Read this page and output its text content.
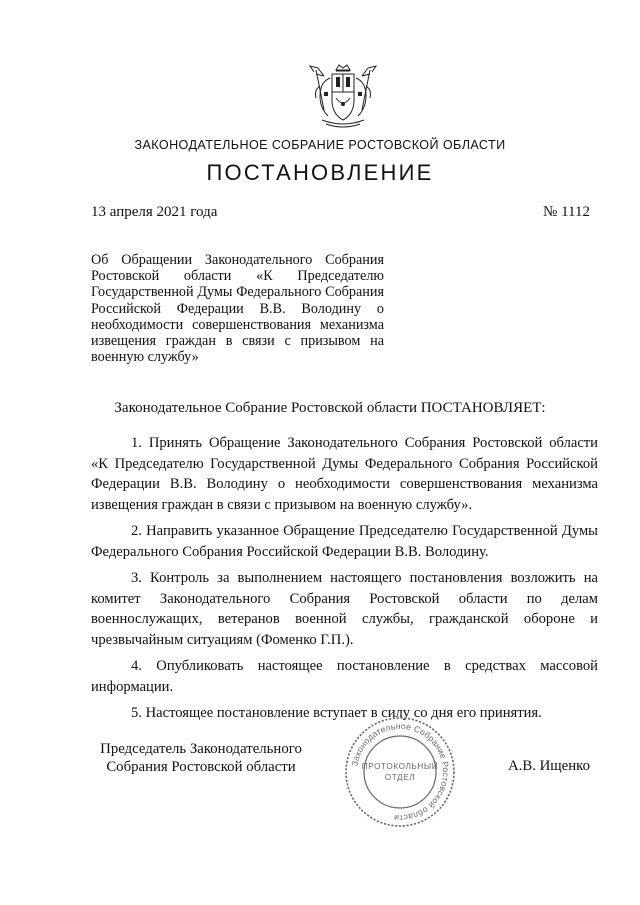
ЗАКОНОДАТЕЛЬНОЕ СОБРАНИЕ РОСТОВСКОЙ ОБЛАСТИ
ПОСТАНОВЛЕНИЕ
13 апреля 2021 года	№ 1112
Об Обращении Законодательного Собрания Ростовской области «К Председателю Государственной Думы Федерального Собрания Российской Федерации В.В. Володину о необходимости совершенствования механизма извещения граждан в связи с призывом на военную службу»
Законодательное Собрание Ростовской области ПОСТАНОВЛЯЕТ:

1. Принять Обращение Законодательного Собрания Ростовской области «К Председателю Государственной Думы Федерального Собрания Российской Федерации В.В. Володину о необходимости совершенствования механизма извещения граждан в связи с призывом на военную службу».

2. Направить указанное Обращение Председателю Государственной Думы Федерального Собрания Российской Федерации В.В. Володину.

3. Контроль за выполнением настоящего постановления возложить на комитет Законодательного Собрания Ростовской области по делам военнослужащих, ветеранов военной службы, гражданской обороне и чрезвычайным ситуациям (Фоменко Г.П.).

4. Опубликовать настоящее постановление в средствах массовой информации.

5. Настоящее постановление вступает в силу со дня его принятия.

Председатель Законодательного
Собрания Ростовской области	Законодательное Собрание Ростовской области
ПРОТОКОЛЬНЫЙ
ОТДЕЛ
А.В. Ищенко
